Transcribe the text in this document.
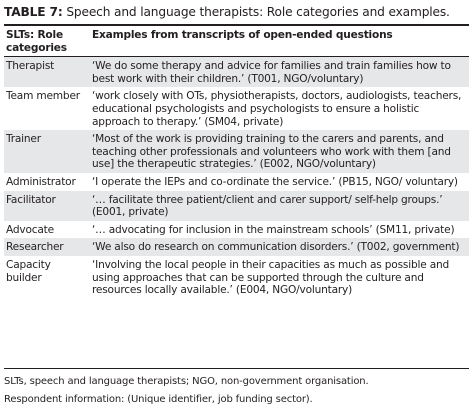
TABLE 7: Speech and language therapists: Role categories and examples.
SLTs: Role categories	Examples from transcripts of open-ended questions
Therapist	‘We do some therapy and advice for families and train families how to best work with their children.’ (T001, NGO/voluntary)
Team member	‘work closely with OTs, physiotherapists, doctors, audiologists, teachers, educational psychologists and psychologists to ensure a holistic approach to therapy.’ (SM04, private)
Trainer	‘Most of the work is providing training to the carers and parents, and teaching other professionals and volunteers who work with them [and use] the therapeutic strategies.’ (E002, NGO/voluntary)
Administrator	‘I operate the IEPs and co-ordinate the service.’ (PB15, NGO/ voluntary)
Facilitator	‘… facilitate three patient/client and carer support/ self-help groups.’ (E001, private)
Advocate	‘… advocating for inclusion in the mainstream schools’ (SM11, private)
Researcher	‘We also do research on communication disorders.’ (T002, government)
Capacity builder	‘Involving the local people in their capacities as much as possible and using approaches that can be supported through the culture and resources locally available.’ (E004, NGO/voluntary)
SLTs, speech and language therapists; NGO, non-government organisation.
Respondent information: (Unique identifier, job funding sector).
